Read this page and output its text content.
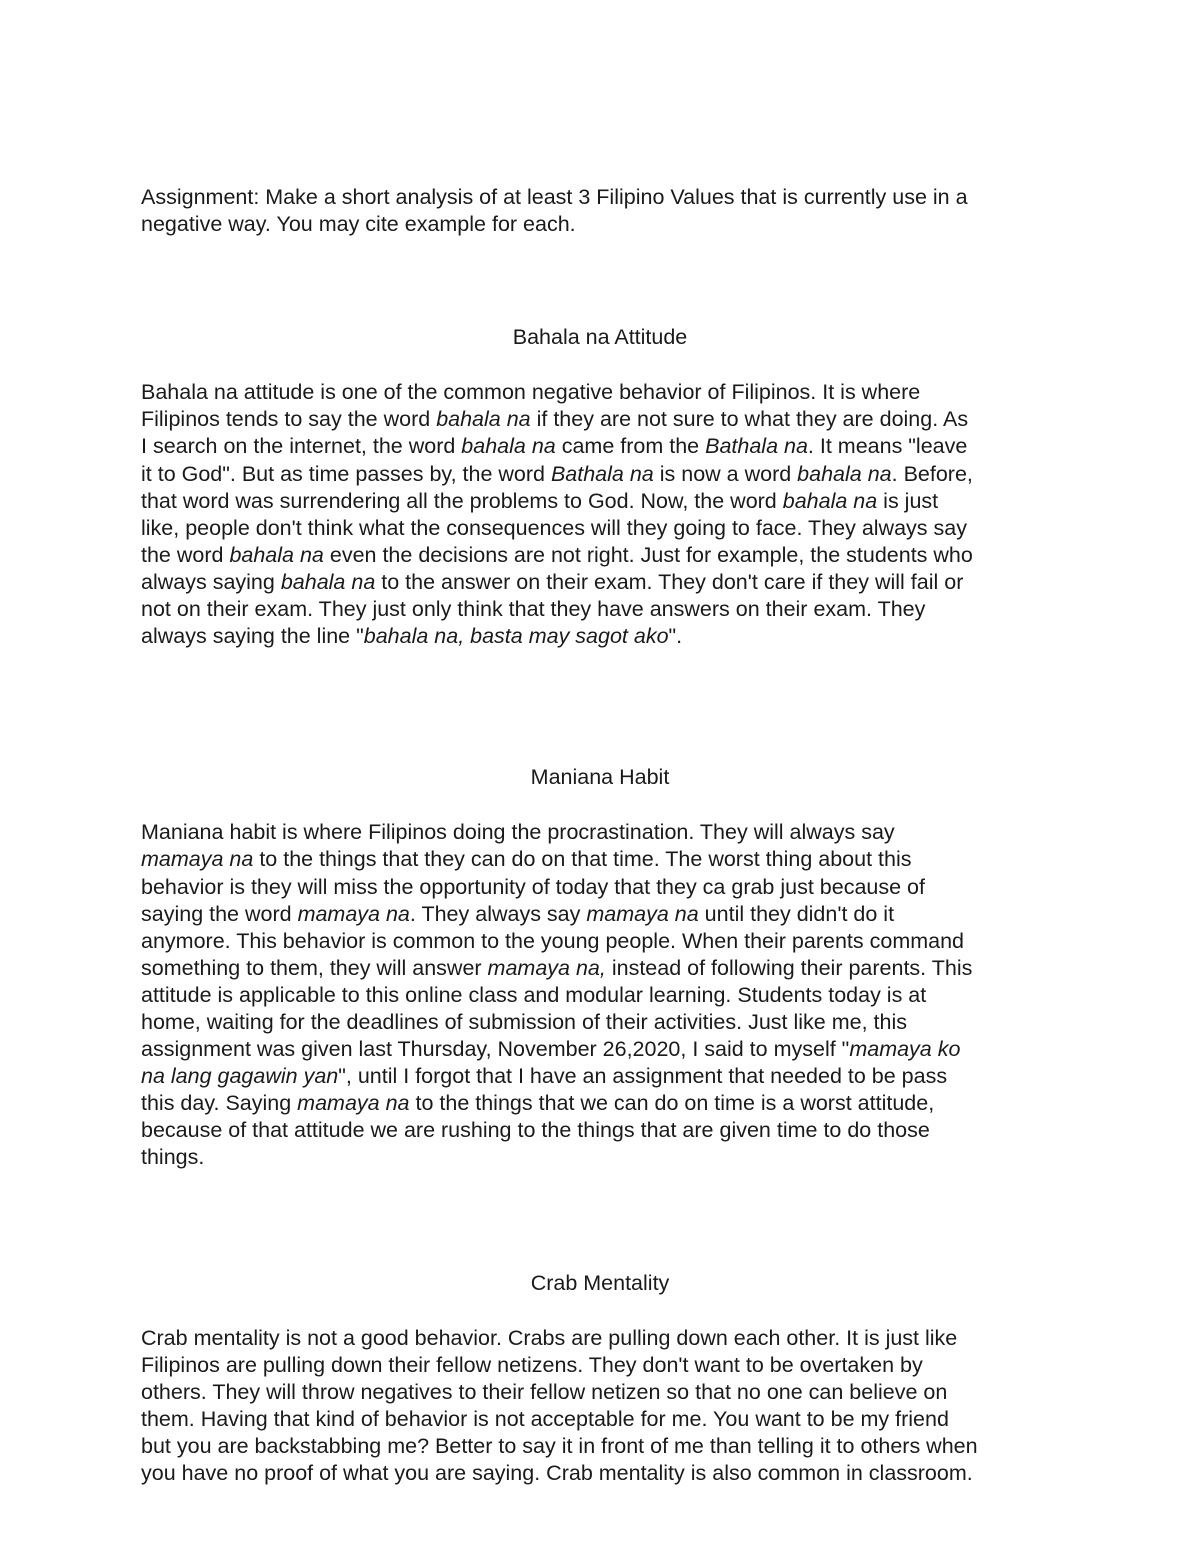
Assignment: Make a short analysis of at least 3 Filipino Values that is currently use in a
negative way. You may cite example for each.

Bahala na Attitude

Bahala na attitude is one of the common negative behavior of Filipinos. It is where
Filipinos tends to say the word bahala na if they are not sure to what they are doing. As
I search on the internet, the word bahala na came from the Bathala na. It means "leave
it to God". But as time passes by, the word Bathala na is now a word bahala na. Before,
that word was surrendering all the problems to God. Now, the word bahala na is just
like, people don't think what the consequences will they going to face. They always say
the word bahala na even the decisions are not right. Just for example, the students who
always saying bahala na to the answer on their exam. They don't care if they will fail or
not on their exam. They just only think that they have answers on their exam. They
always saying the line "bahala na, basta may sagot ako".

Maniana Habit

Maniana habit is where Filipinos doing the procrastination. They will always say
mamaya na to the things that they can do on that time. The worst thing about this
behavior is they will miss the opportunity of today that they ca grab just because of
saying the word mamaya na. They always say mamaya na until they didn't do it
anymore. This behavior is common to the young people. When their parents command
something to them, they will answer mamaya na, instead of following their parents. This
attitude is applicable to this online class and modular learning. Students today is at
home, waiting for the deadlines of submission of their activities. Just like me, this
assignment was given last Thursday, November 26,2020, I said to myself "mamaya ko
na lang gagawin yan", until I forgot that I have an assignment that needed to be pass
this day. Saying mamaya na to the things that we can do on time is a worst attitude,
because of that attitude we are rushing to the things that are given time to do those
things.

Crab Mentality

Crab mentality is not a good behavior. Crabs are pulling down each other. It is just like
Filipinos are pulling down their fellow netizens. They don't want to be overtaken by
others. They will throw negatives to their fellow netizen so that no one can believe on
them. Having that kind of behavior is not acceptable for me. You want to be my friend
but you are backstabbing me? Better to say it in front of me than telling it to others when
you have no proof of what you are saying. Crab mentality is also common in classroom.
